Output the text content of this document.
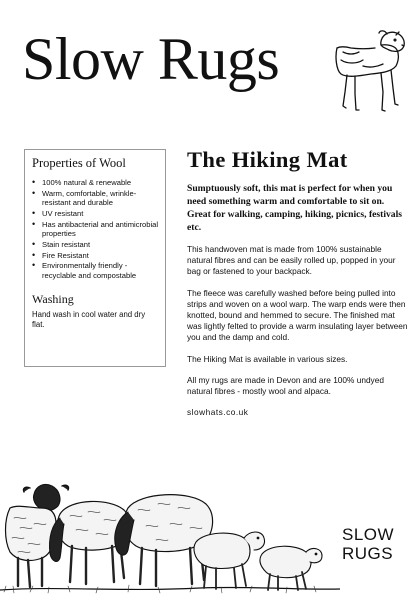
Slow Rugs
Properties of Wool
• 100% natural & renewable
• Warm, comfortable, wrinkle-resistant and durable
• UV resistant
• Has antibacterial and antimicrobial properties
• Stain resistant
• Fire Resistant
• Environmentally friendly - recyclable and compostable
Washing

Hand wash in cool water and dry flat.

The Hiking Mat

Sumptuously soft, this mat is perfect for when you need something warm and comfortable to sit on. Great for walking, camping, hiking, picnics, festivals etc.

This handwoven mat is made from 100% sustainable natural fibres and can be easily rolled up, popped in your bag or fastened to your backpack.

The fleece was carefully washed before being pulled into strips and woven on a wool warp. The warp ends were then knotted, bound and hemmed to secure. The finished mat was lightly felted to provide a warm insulating layer between you and the damp and cold.

The Hiking Mat is available in various sizes.

All my rugs are made in Devon and are 100% undyed natural fibres - mostly wool and alpaca.

slowhats.co.uk

SLOW
RUGS
